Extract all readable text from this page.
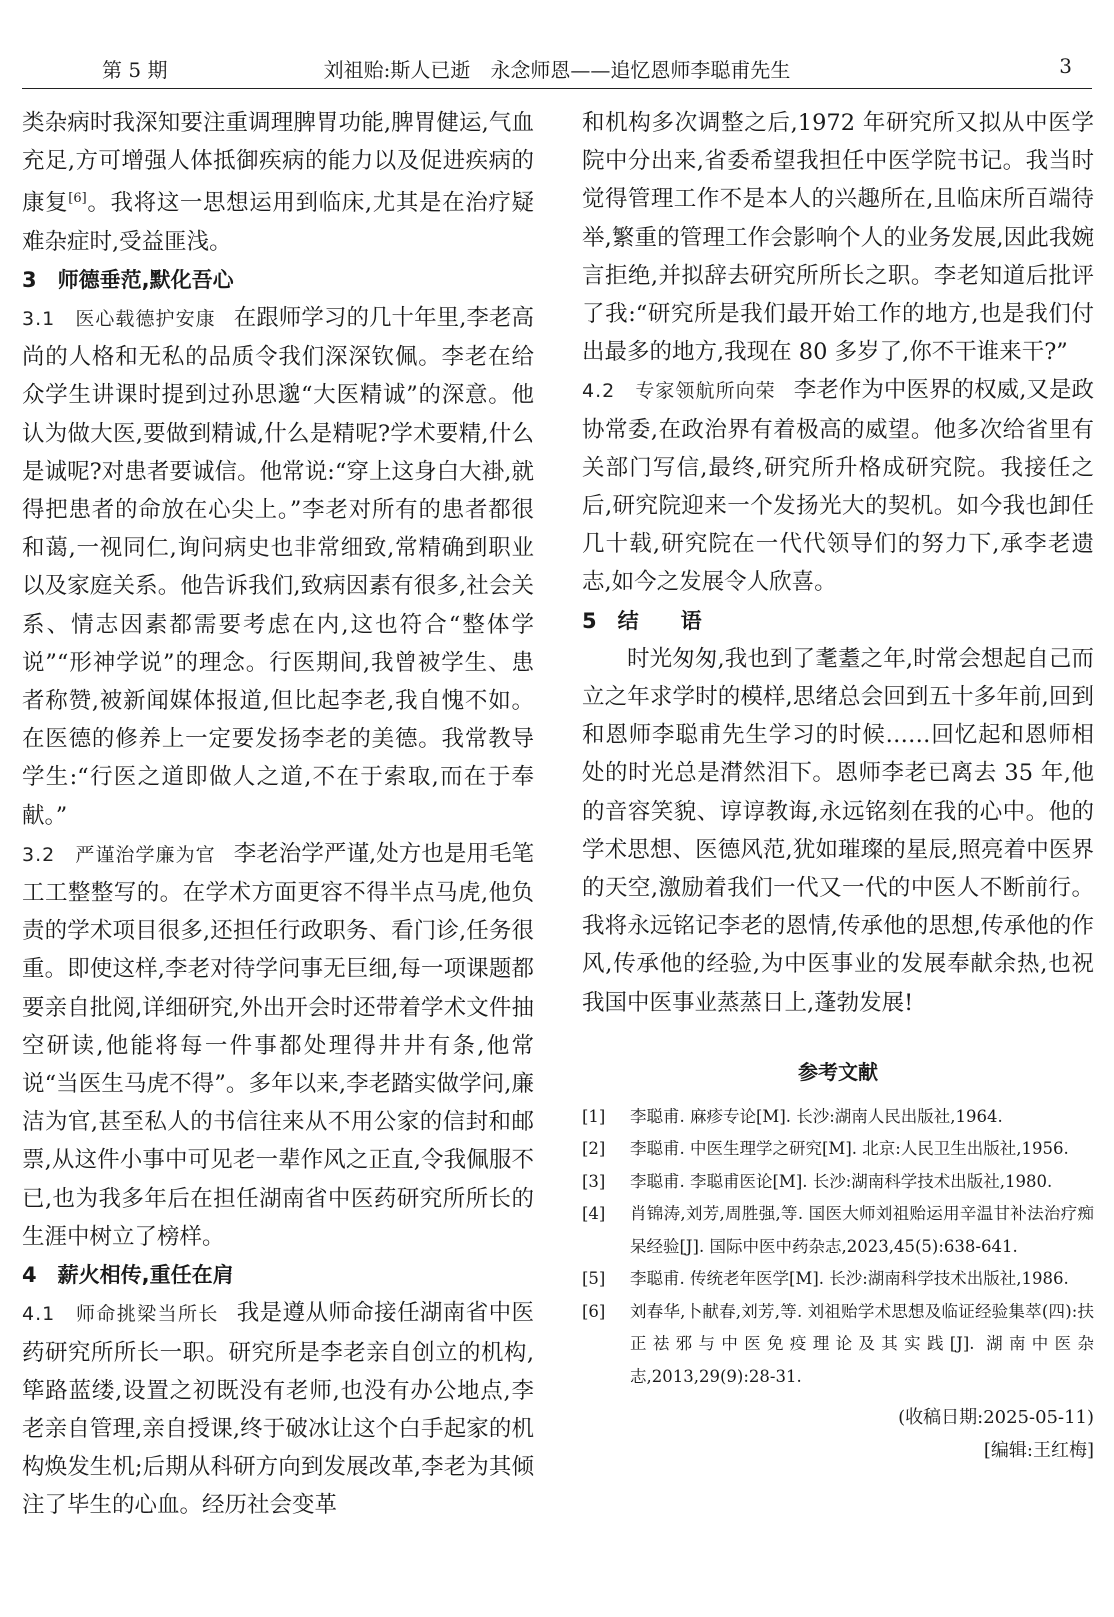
第 5 期	刘祖贻:斯人已逝　永念师恩——追忆恩师李聪甫先生	3

类杂病时我深知要注重调理脾胃功能,脾胃健运,气血充足,方可增强人体抵御疾病的能力以及促进疾病的康复[6]。我将这一思想运用到临床,尤其是在治疗疑难杂症时,受益匪浅。

3　师德垂范,默化吾心

3.1　医心载德护安康 在跟师学习的几十年里,李老高尚的人格和无私的品质令我们深深钦佩。李老在给众学生讲课时提到过孙思邈“大医精诚”的深意。他认为做大医,要做到精诚,什么是精呢?学术要精,什么是诚呢?对患者要诚信。他常说:“穿上这身白大褂,就得把患者的命放在心尖上。”李老对所有的患者都很和蔼,一视同仁,询问病史也非常细致,常精确到职业以及家庭关系。他告诉我们,致病因素有很多,社会关系、情志因素都需要考虑在内,这也符合“整体学说”“形神学说”的理念。行医期间,我曾被学生、患者称赞,被新闻媒体报道,但比起李老,我自愧不如。在医德的修养上一定要发扬李老的美德。我常教导学生:“行医之道即做人之道,不在于索取,而在于奉献。”

3.2　严谨治学廉为官 李老治学严谨,处方也是用毛笔工工整整写的。在学术方面更容不得半点马虎,他负责的学术项目很多,还担任行政职务、看门诊,任务很重。即使这样,李老对待学问事无巨细,每一项课题都要亲自批阅,详细研究,外出开会时还带着学术文件抽空研读,他能将每一件事都处理得井井有条,他常说“当医生马虎不得”。多年以来,李老踏实做学问,廉洁为官,甚至私人的书信往来从不用公家的信封和邮票,从这件小事中可见老一辈作风之正直,令我佩服不已,也为我多年后在担任湖南省中医药研究所所长的生涯中树立了榜样。

4　薪火相传,重任在肩

4.1　师命挑梁当所长 我是遵从师命接任湖南省中医药研究所所长一职。研究所是李老亲自创立的机构,筚路蓝缕,设置之初既没有老师,也没有办公地点,李老亲自管理,亲自授课,终于破冰让这个白手起家的机构焕发生机;后期从科研方向到发展改革,李老为其倾注了毕生的心血。经历社会变革

和机构多次调整之后,1972 年研究所又拟从中医学院中分出来,省委希望我担任中医学院书记。我当时觉得管理工作不是本人的兴趣所在,且临床所百端待举,繁重的管理工作会影响个人的业务发展,因此我婉言拒绝,并拟辞去研究所所长之职。李老知道后批评了我:“研究所是我们最开始工作的地方,也是我们付出最多的地方,我现在 80 多岁了,你不干谁来干?”

4.2　专家领航所向荣 李老作为中医界的权威,又是政协常委,在政治界有着极高的威望。他多次给省里有关部门写信,最终,研究所升格成研究院。我接任之后,研究院迎来一个发扬光大的契机。如今我也卸任几十载,研究院在一代代领导们的努力下,承李老遗志,如今之发展令人欣喜。

5　结　　语

时光匆匆,我也到了耄耋之年,时常会想起自己而立之年求学时的模样,思绪总会回到五十多年前,回到和恩师李聪甫先生学习的时候……回忆起和恩师相处的时光总是潸然泪下。恩师李老已离去 35 年,他的音容笑貌、谆谆教诲,永远铭刻在我的心中。他的学术思想、医德风范,犹如璀璨的星辰,照亮着中医界的天空,激励着我们一代又一代的中医人不断前行。我将永远铭记李老的恩情,传承他的思想,传承他的作风,传承他的经验,为中医事业的发展奉献余热,也祝我国中医事业蒸蒸日上,蓬勃发展!

参考文献
[1]	李聪甫. 麻疹专论[M]. 长沙:湖南人民出版社,1964.
[2]	李聪甫. 中医生理学之研究[M]. 北京:人民卫生出版社,1956.
[3]	李聪甫. 李聪甫医论[M]. 长沙:湖南科学技术出版社,1980.
[4]	肖锦涛,刘芳,周胜强,等. 国医大师刘祖贻运用辛温甘补法治疗痴呆经验[J]. 国际中医中药杂志,2023,45(5):638-641.
[5]	李聪甫. 传统老年医学[M]. 长沙:湖南科学技术出版社,1986.
[6]	刘春华,卜献春,刘芳,等. 刘祖贻学术思想及临证经验集萃(四):扶正祛邪与中医免疫理论及其实践[J]. 湖南中医杂志,2013,29(9):28-31.
(收稿日期:2025-05-11)
[编辑:王红梅]
